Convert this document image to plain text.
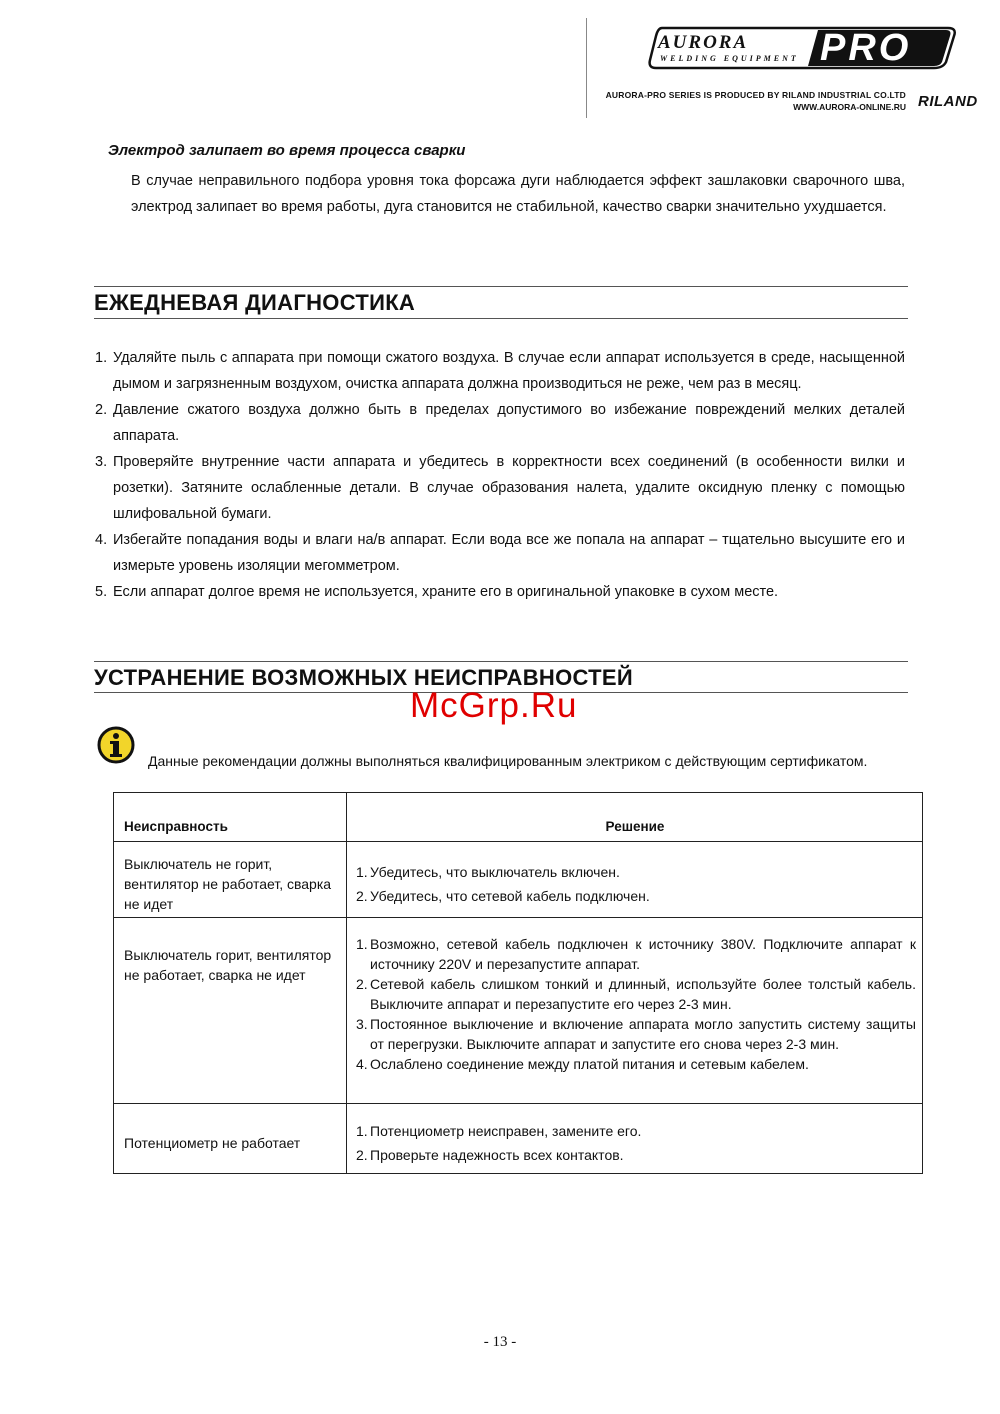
AURORA
WELDING EQUIPMENT PRO
AURORA-PRO SERIES IS PRODUCED BY RILAND INDUSTRIAL CO.LTD
WWW.AURORA-ONLINE.RU RILAND
Электрод залипает во время процесса сварки
В случае неправильного подбора уровня тока форсажа дуги наблюдается эффект зашлаковки сварочного шва, электрод залипает во время работы, дуга становится не стабильной, качество сварки значительно ухудшается.
ЕЖЕДНЕВАЯ ДИАГНОСТИКА
1. Удаляйте пыль с аппарата при помощи сжатого воздуха. В случае если аппарат используется в среде, насыщенной дымом и загрязненным воздухом, очистка аппарата должна производиться не реже, чем раз в месяц.
2. Давление сжатого воздуха должно быть в пределах допустимого во избежание повреждений мелких деталей аппарата.
3. Проверяйте внутренние части аппарата и убедитесь в корректности всех соединений (в особенности вилки и розетки). Затяните ослабленные детали. В случае образования налета, удалите оксидную пленку с помощью шлифовальной бумаги.
4. Избегайте попадания воды и влаги на/в аппарат. Если вода все же попала на аппарат – тщательно высушите его и измерьте уровень изоляции мегомметром.
5. Если аппарат долгое время не используется, храните его в оригинальной упаковке в сухом месте.
УСТРАНЕНИЕ ВОЗМОЖНЫХ НЕИСПРАВНОСТЕЙ
McGrp.Ru
Данные рекомендации должны выполняться квалифицированным электриком с действующим сертификатом.
Неисправность	Решение
Выключатель не горит, вентилятор не работает, сварка не идет
1. Убедитесь, что выключатель включен.
2. Убедитесь, что сетевой кабель подключен.
Выключатель горит, вентилятор не работает, сварка не идет
1. Возможно, сетевой кабель подключен к источнику 380V. Подключите аппарат к источнику 220V и перезапустите аппарат.
2. Сетевой кабель слишком тонкий и длинный, используйте более толстый кабель. Выключите аппарат и перезапустите его через 2-3 мин.
3. Постоянное выключение и включение аппарата могло запустить систему защиты от перегрузки. Выключите аппарат и запустите его снова через 2-3 мин.
4. Ослаблено соединение между платой питания и сетевым кабелем.
Потенциометр не работает
1. Потенциометр неисправен, замените его.
2. Проверьте надежность всех контактов.
- 13 -
